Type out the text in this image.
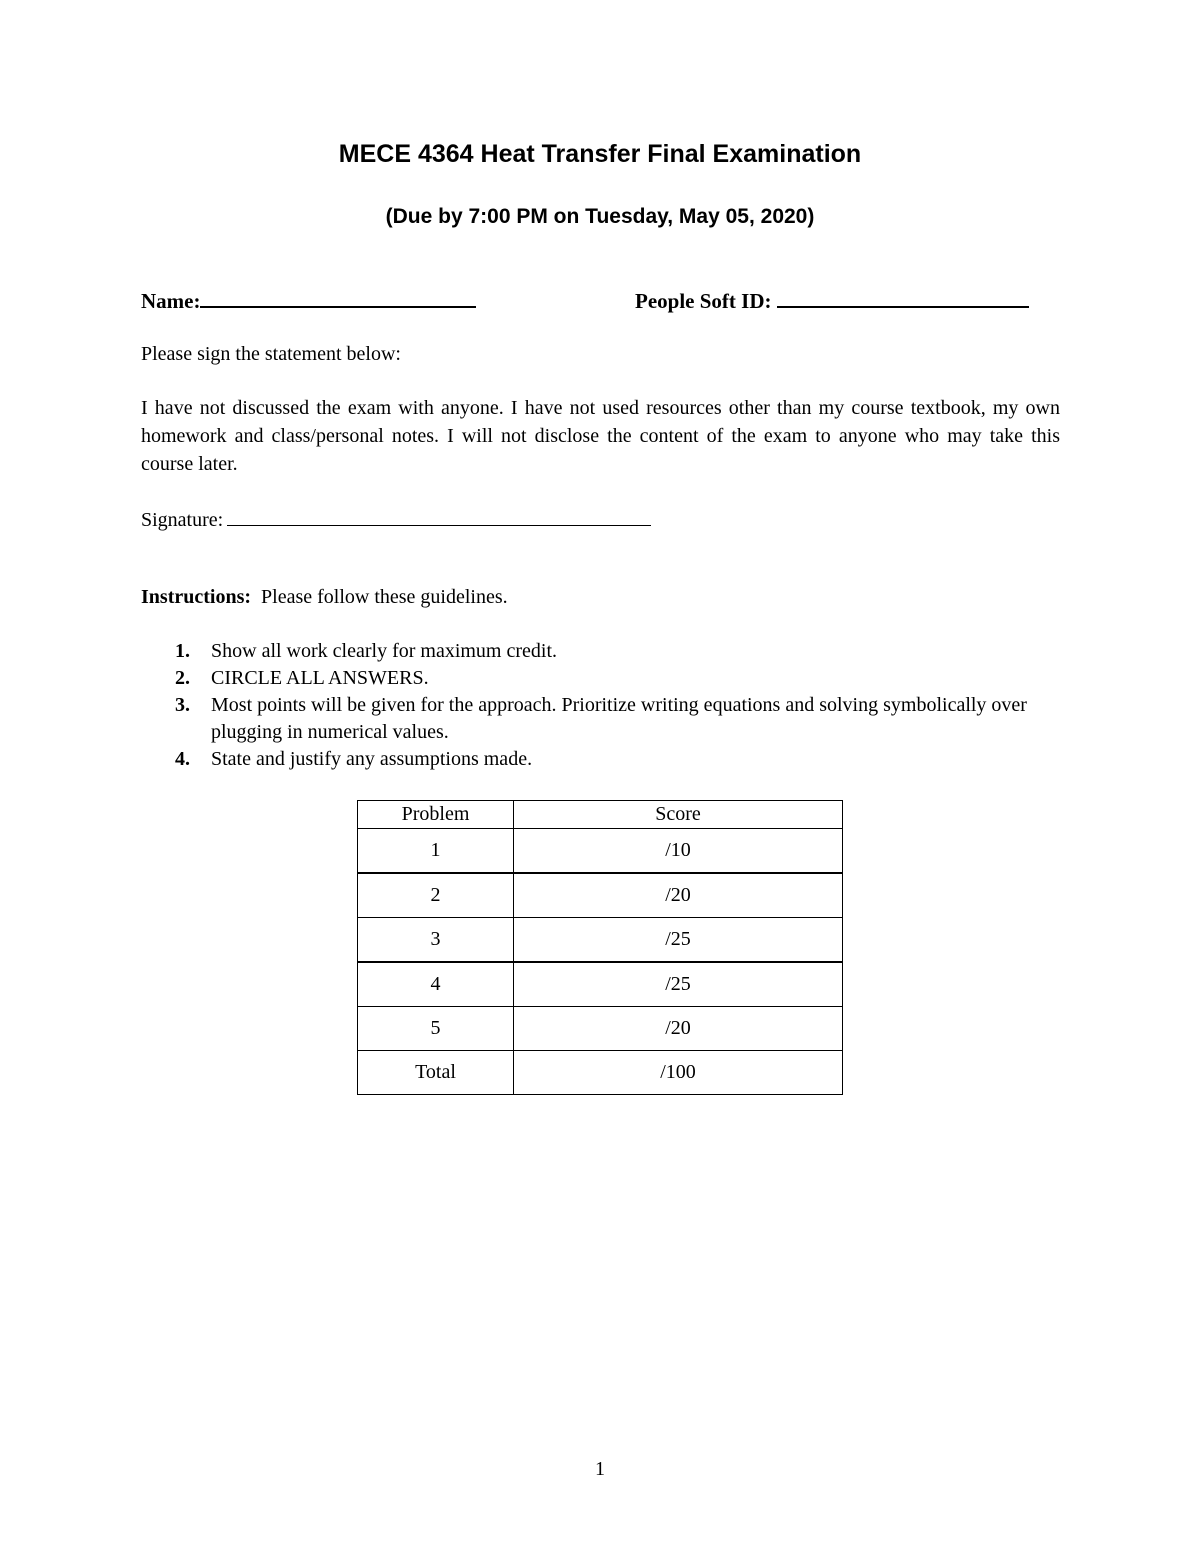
MECE 4364 Heat Transfer Final Examination
(Due by 7:00 PM on Tuesday, May 05, 2020)
Name:	People Soft ID:
Please sign the statement below:
I have not discussed the exam with anyone. I have not used resources other than my course textbook, my own homework and class/personal notes. I will not disclose the content of the exam to anyone who may take this course later.
Signature:
Instructions: Please follow these guidelines.
1. Show all work clearly for maximum credit.
2. CIRCLE ALL ANSWERS.
3. Most points will be given for the approach. Prioritize writing equations and solving symbolically over plugging in numerical values.
4. State and justify any assumptions made.
Problem	Score
1	/10
2	/20
3	/25
4	/25
5	/20
Total	/100
1
